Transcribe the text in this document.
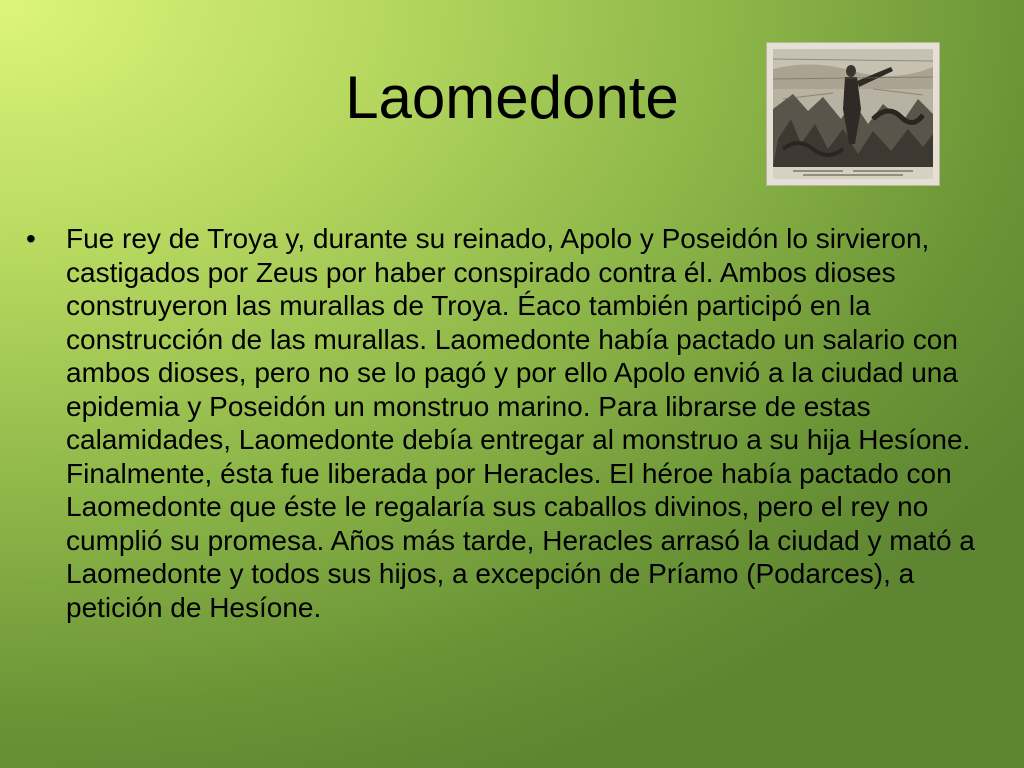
Laomedonte
• Fue rey de Troya y, durante su reinado, Apolo y Poseidón lo sirvieron, castigados por Zeus por haber conspirado contra él. Ambos dioses construyeron las murallas de Troya. Éaco también participó en la construcción de las murallas. Laomedonte había pactado un salario con ambos dioses, pero no se lo pagó y por ello Apolo envió a la ciudad una epidemia y Poseidón un monstruo marino. Para librarse de estas calamidades, Laomedonte debía entregar al monstruo a su hija Hesíone. Finalmente, ésta fue liberada por Heracles. El héroe había pactado con Laomedonte que éste le regalaría sus caballos divinos, pero el rey no cumplió su promesa. Años más tarde, Heracles arrasó la ciudad y mató a Laomedonte y todos sus hijos, a excepción de Príamo (Podarces), a petición de Hesíone.
